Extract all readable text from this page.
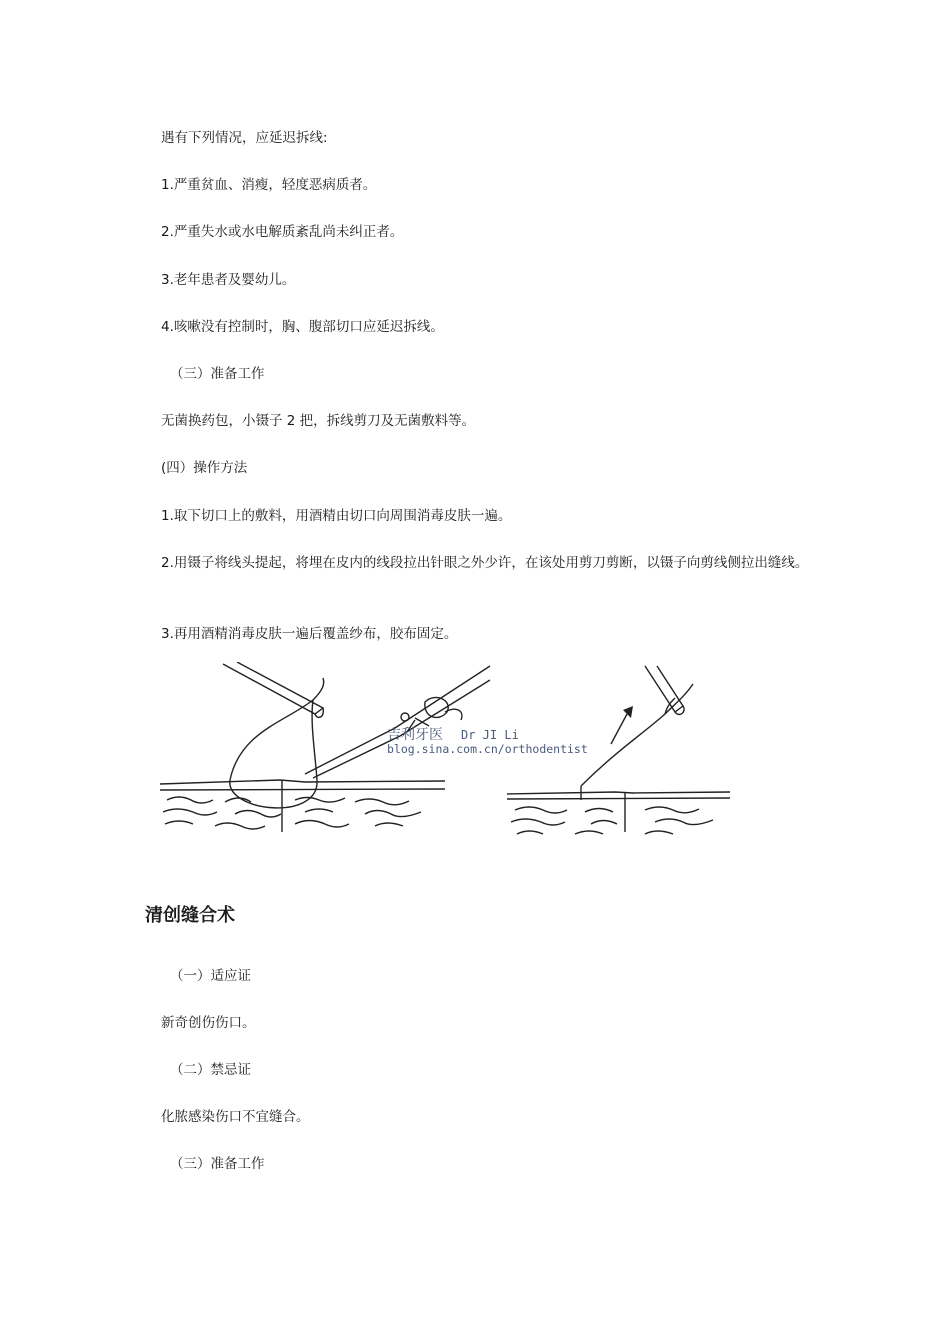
遇有下列情况，应延迟拆线:

1.严重贫血、消瘦，轻度恶病质者。

2.严重失水或水电解质紊乱尚未纠正者。

3.老年患者及婴幼儿。

4.咳嗽没有控制时，胸、腹部切口应延迟拆线。

（三）准备工作

无菌换药包，小镊子 2 把，拆线剪刀及无菌敷料等。

(四）操作方法

1.取下切口上的敷料，用酒精由切口向周围消毒皮肤一遍。

2.用镊子将线头提起，将埋在皮内的线段拉出针眼之外少许，在该处用剪刀剪断，以镊子向剪线侧拉出缝线。

3.再用酒精消毒皮肤一遍后覆盖纱布，胶布固定。

吉利牙医 Dr JI Li
blog.sina.com.cn/orthodentist
清创缝合术

（一）适应证

新奇创伤伤口。

（二）禁忌证

化脓感染伤口不宜缝合。

（三）准备工作
